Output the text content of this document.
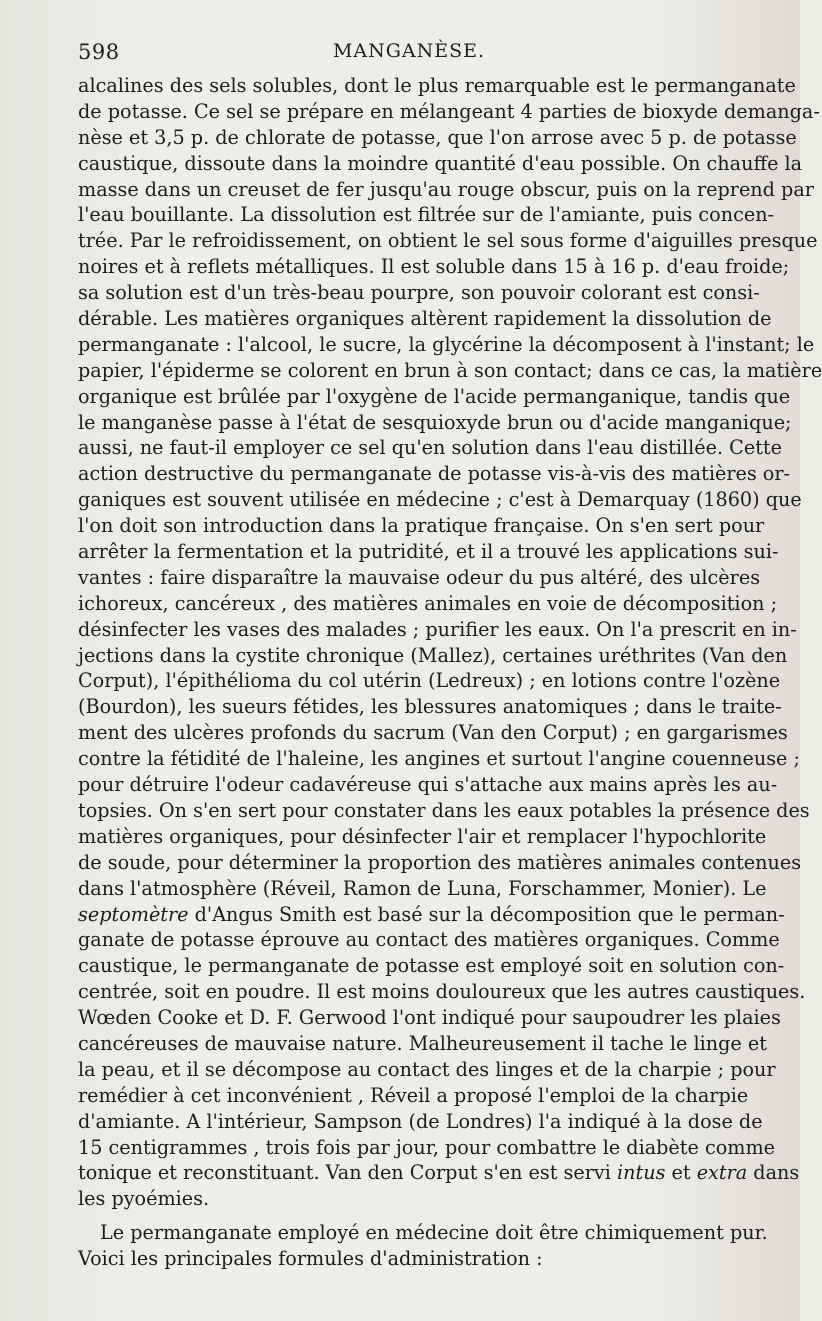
598	MANGANÈSE.
alcalines des sels solubles, dont le plus remarquable est le permanganate
de potasse. Ce sel se prépare en mélangeant 4 parties de bioxyde demanga-
nèse et 3,5 p. de chlorate de potasse, que l'on arrose avec 5 p. de potasse
caustique, dissoute dans la moindre quantité d'eau possible. On chauffe la
masse dans un creuset de fer jusqu'au rouge obscur, puis on la reprend par
l'eau bouillante. La dissolution est filtrée sur de l'amiante, puis concen-
trée. Par le refroidissement, on obtient le sel sous forme d'aiguilles presque
noires et à reflets métalliques. Il est soluble dans 15 à 16 p. d'eau froide;
sa solution est d'un très-beau pourpre, son pouvoir colorant est consi-
dérable. Les matières organiques altèrent rapidement la dissolution de
permanganate : l'alcool, le sucre, la glycérine la décomposent à l'instant; le
papier, l'épiderme se colorent en brun à son contact; dans ce cas, la matière
organique est brûlée par l'oxygène de l'acide permanganique, tandis que
le manganèse passe à l'état de sesquioxyde brun ou d'acide manganique;
aussi, ne faut-il employer ce sel qu'en solution dans l'eau distillée. Cette
action destructive du permanganate de potasse vis-à-vis des matières or-
ganiques est souvent utilisée en médecine ; c'est à Demarquay (1860) que
l'on doit son introduction dans la pratique française. On s'en sert pour
arrêter la fermentation et la putridité, et il a trouvé les applications sui-
vantes : faire disparaître la mauvaise odeur du pus altéré, des ulcères
ichoreux, cancéreux , des matières animales en voie de décomposition ;
désinfecter les vases des malades ; purifier les eaux. On l'a prescrit en in-
jections dans la cystite chronique (Mallez), certaines uréthrites (Van den
Corput), l'épithélioma du col utérin (Ledreux) ; en lotions contre l'ozène
(Bourdon), les sueurs fétides, les blessures anatomiques ; dans le traite-
ment des ulcères profonds du sacrum (Van den Corput) ; en gargarismes
contre la fétidité de l'haleine, les angines et surtout l'angine couenneuse ;
pour détruire l'odeur cadavéreuse qui s'attache aux mains après les au-
topsies. On s'en sert pour constater dans les eaux potables la présence des
matières organiques, pour désinfecter l'air et remplacer l'hypochlorite
de soude, pour déterminer la proportion des matières animales contenues
dans l'atmosphère (Réveil, Ramon de Luna, Forschammer, Monier). Le
septomètre d'Angus Smith est basé sur la décomposition que le perman-
ganate de potasse éprouve au contact des matières organiques. Comme
caustique, le permanganate de potasse est employé soit en solution con-
centrée, soit en poudre. Il est moins douloureux que les autres caustiques.
Wœden Cooke et D. F. Gerwood l'ont indiqué pour saupoudrer les plaies
cancéreuses de mauvaise nature. Malheureusement il tache le linge et
la peau, et il se décompose au contact des linges et de la charpie ; pour
remédier à cet inconvénient , Réveil a proposé l'emploi de la charpie
d'amiante. A l'intérieur, Sampson (de Londres) l'a indiqué à la dose de
15 centigrammes , trois fois par jour, pour combattre le diabète comme
tonique et reconstituant. Van den Corput s'en est servi intus et extra dans
les pyoémies.
Le permanganate employé en médecine doit être chimiquement pur.
Voici les principales formules d'administration :
